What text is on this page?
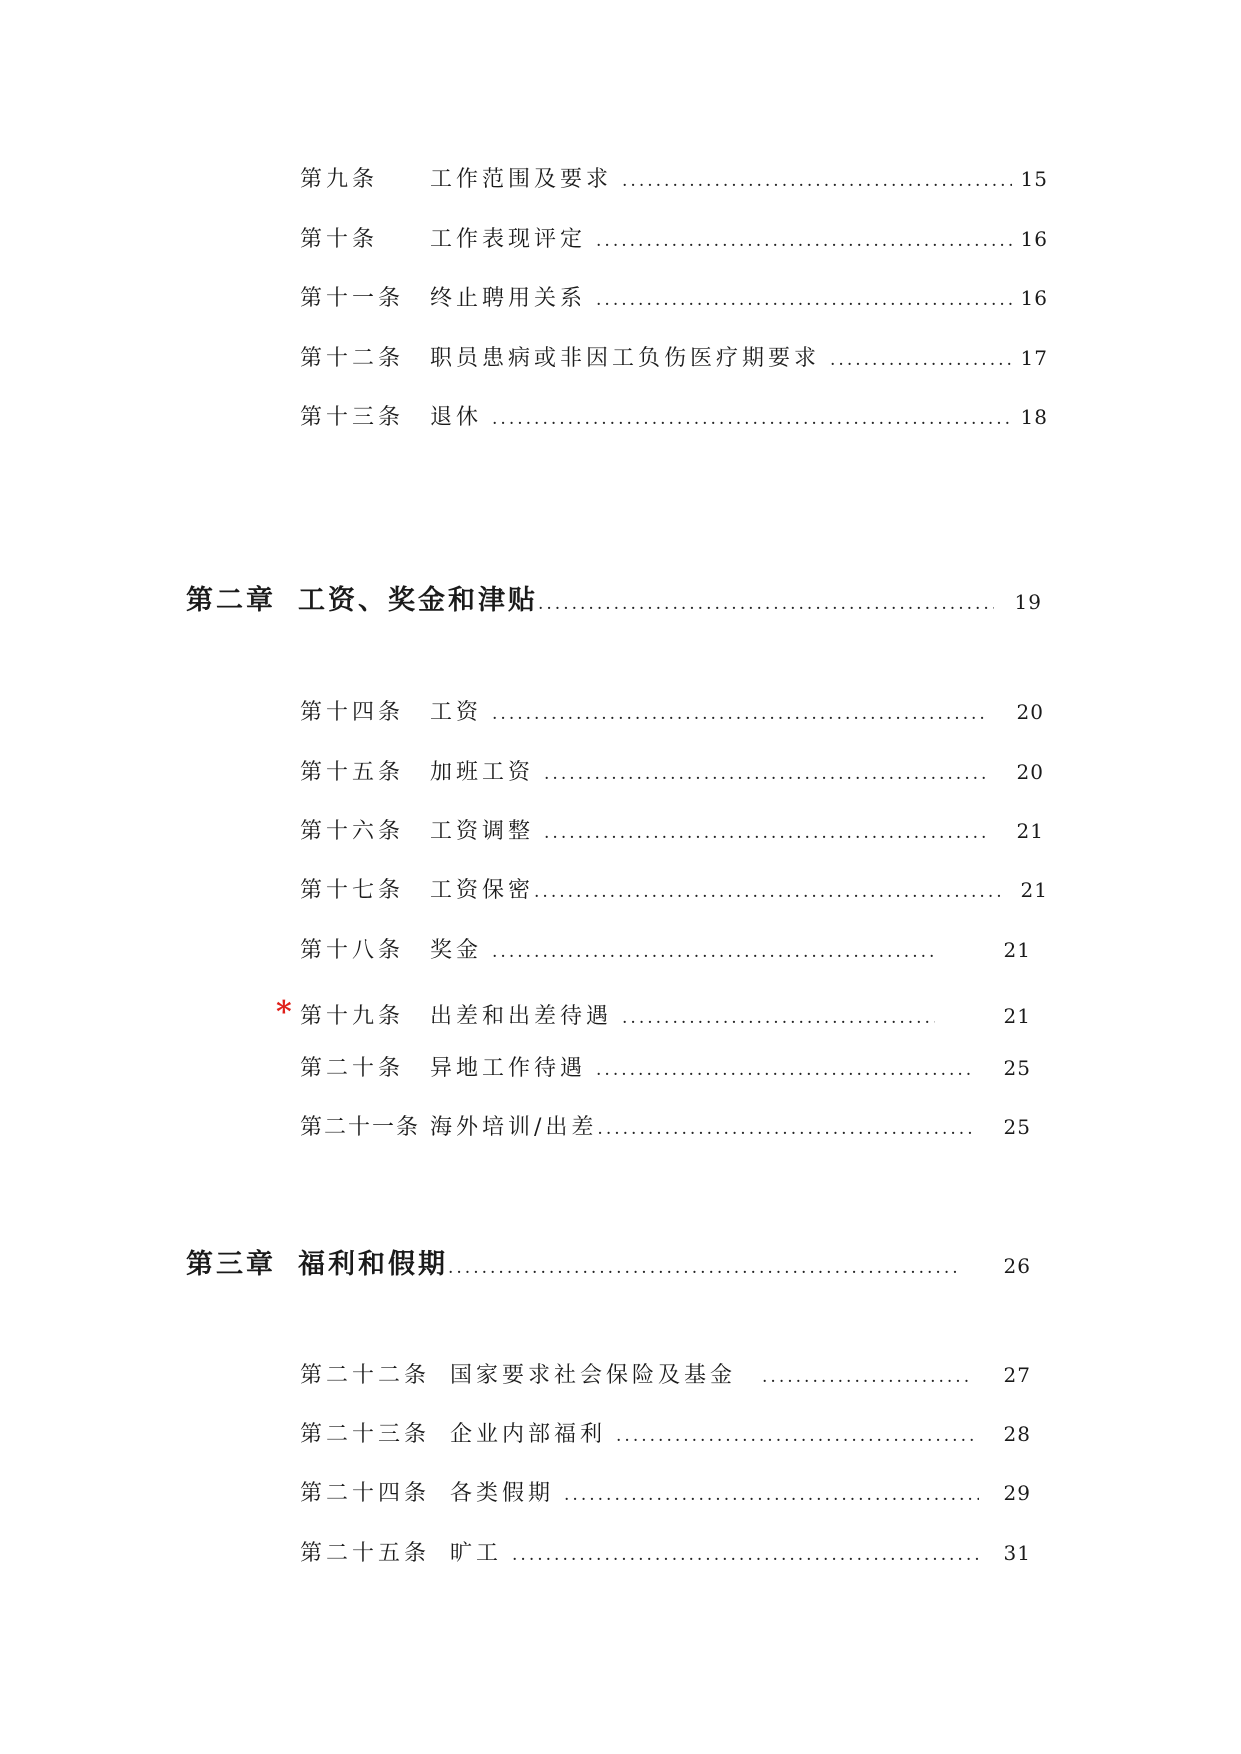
第九条	工作范围及要求 .....	15
第十条	工作表现评定 .....	16
第十一条	终止聘用关系 .....	16
第十二条	职员患病或非因工负伤医疗期要求 .....	17
第十三条	退休 .....	18
第二章 工资、奖金和津贴 .....	19
第十四条	工资 .....	20
第十五条	加班工资 .....	20
第十六条	工资调整 .....	21
第十七条	工资保密 .....	21
第十八条	奖金 .....	21
* 第十九条	出差和出差待遇 .....	21
第二十条	异地工作待遇 .....	25
第二十一条 海外培训/出差 .....	25
第三章 福利和假期 .....	26
第二十二条 国家要求社会保险及基金 .....	27
第二十三条 企业内部福利 .....	28
第二十四条 各类假期 .....	29
第二十五条 旷工 .....	31
